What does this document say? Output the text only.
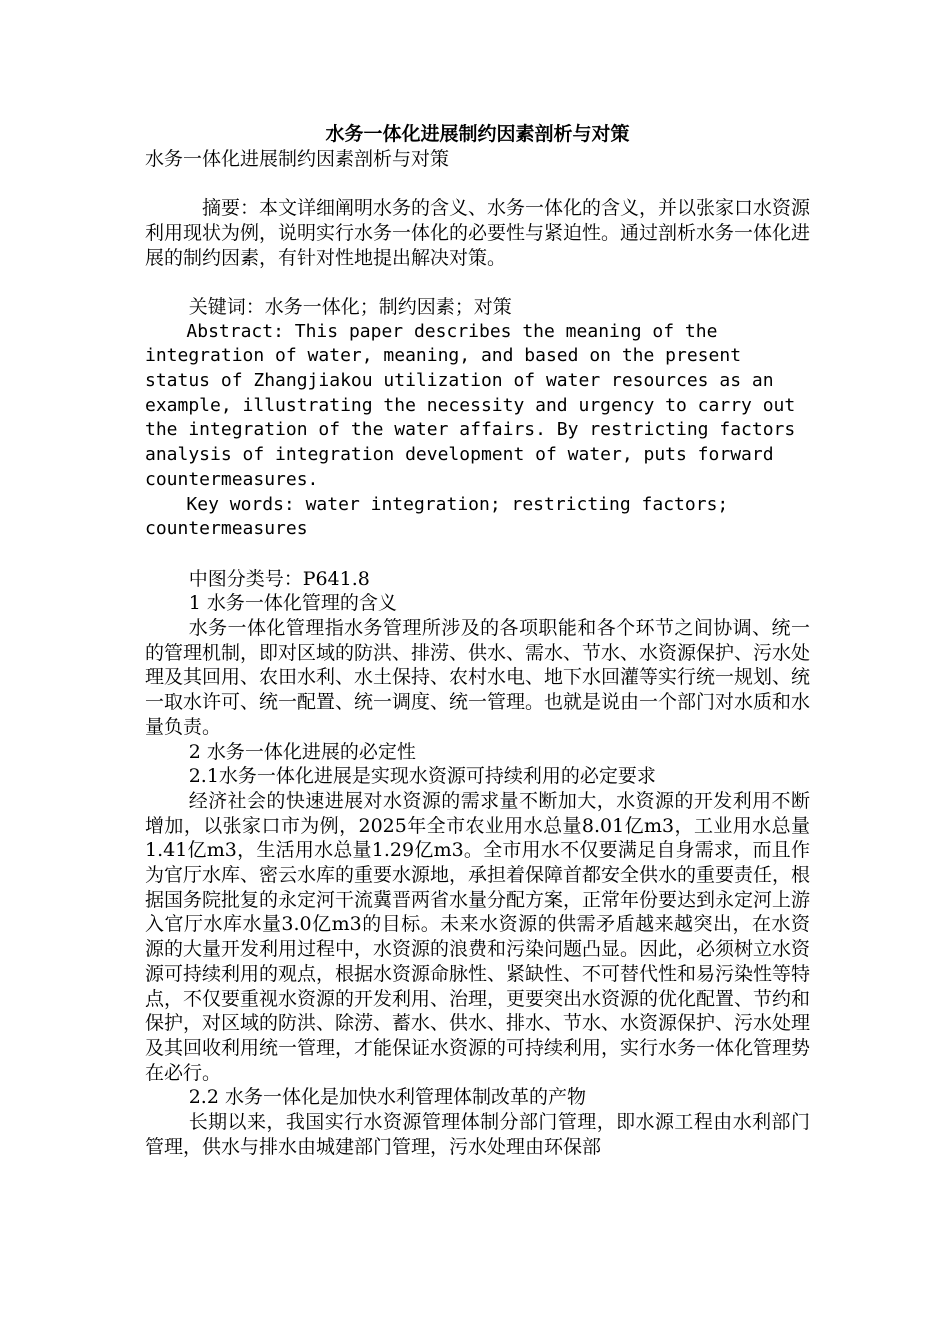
水务一体化进展制约因素剖析与对策

水务一体化进展制约因素剖析与对策

摘要：本文详细阐明水务的含义、水务一体化的含义，并以张家口水资源利用现状为例，说明实行水务一体化的必要性与紧迫性。通过剖析水务一体化进展的制约因素，有针对性地提出解决对策。

关键词：水务一体化；制约因素；对策

Abstract: This paper describes the meaning of the integration of water, meaning, and based on the present status of Zhangjiakou utilization of water resources as an example, illustrating the necessity and urgency to carry out the integration of the water affairs. By restricting factors analysis of integration development of water, puts forward countermeasures.

Key words: water integration; restricting factors; countermeasures

中图分类号：P641.8

1 水务一体化管理的含义

水务一体化管理指水务管理所涉及的各项职能和各个环节之间协调、统一的管理机制，即对区域的防洪、排涝、供水、需水、节水、水资源保护、污水处理及其回用、农田水利、水土保持、农村水电、地下水回灌等实行统一规划、统一取水许可、统一配置、统一调度、统一管理。也就是说由一个部门对水质和水量负责。

2 水务一体化进展的必定性

2.1水务一体化进展是实现水资源可持续利用的必定要求

经济社会的快速进展对水资源的需求量不断加大，水资源的开发利用不断增加，以张家口市为例，2025年全市农业用水总量8.01亿m3，工业用水总量1.41亿m3，生活用水总量1.29亿m3。全市用水不仅要满足自身需求，而且作为官厅水库、密云水库的重要水源地，承担着保障首都安全供水的重要责任，根据国务院批复的永定河干流冀晋两省水量分配方案，正常年份要达到永定河上游入官厅水库水量3.0亿m3的目标。未来水资源的供需矛盾越来越突出，在水资源的大量开发利用过程中，水资源的浪费和污染问题凸显。因此，必须树立水资源可持续利用的观点，根据水资源命脉性、紧缺性、不可替代性和易污染性等特点，不仅要重视水资源的开发利用、治理，更要突出水资源的优化配置、节约和保护，对区域的防洪、除涝、蓄水、供水、排水、节水、水资源保护、污水处理及其回收利用统一管理，才能保证水资源的可持续利用，实行水务一体化管理势在必行。

2.2 水务一体化是加快水利管理体制改革的产物

长期以来，我国实行水资源管理体制分部门管理，即水源工程由水利部门管理，供水与排水由城建部门管理，污水处理由环保部
